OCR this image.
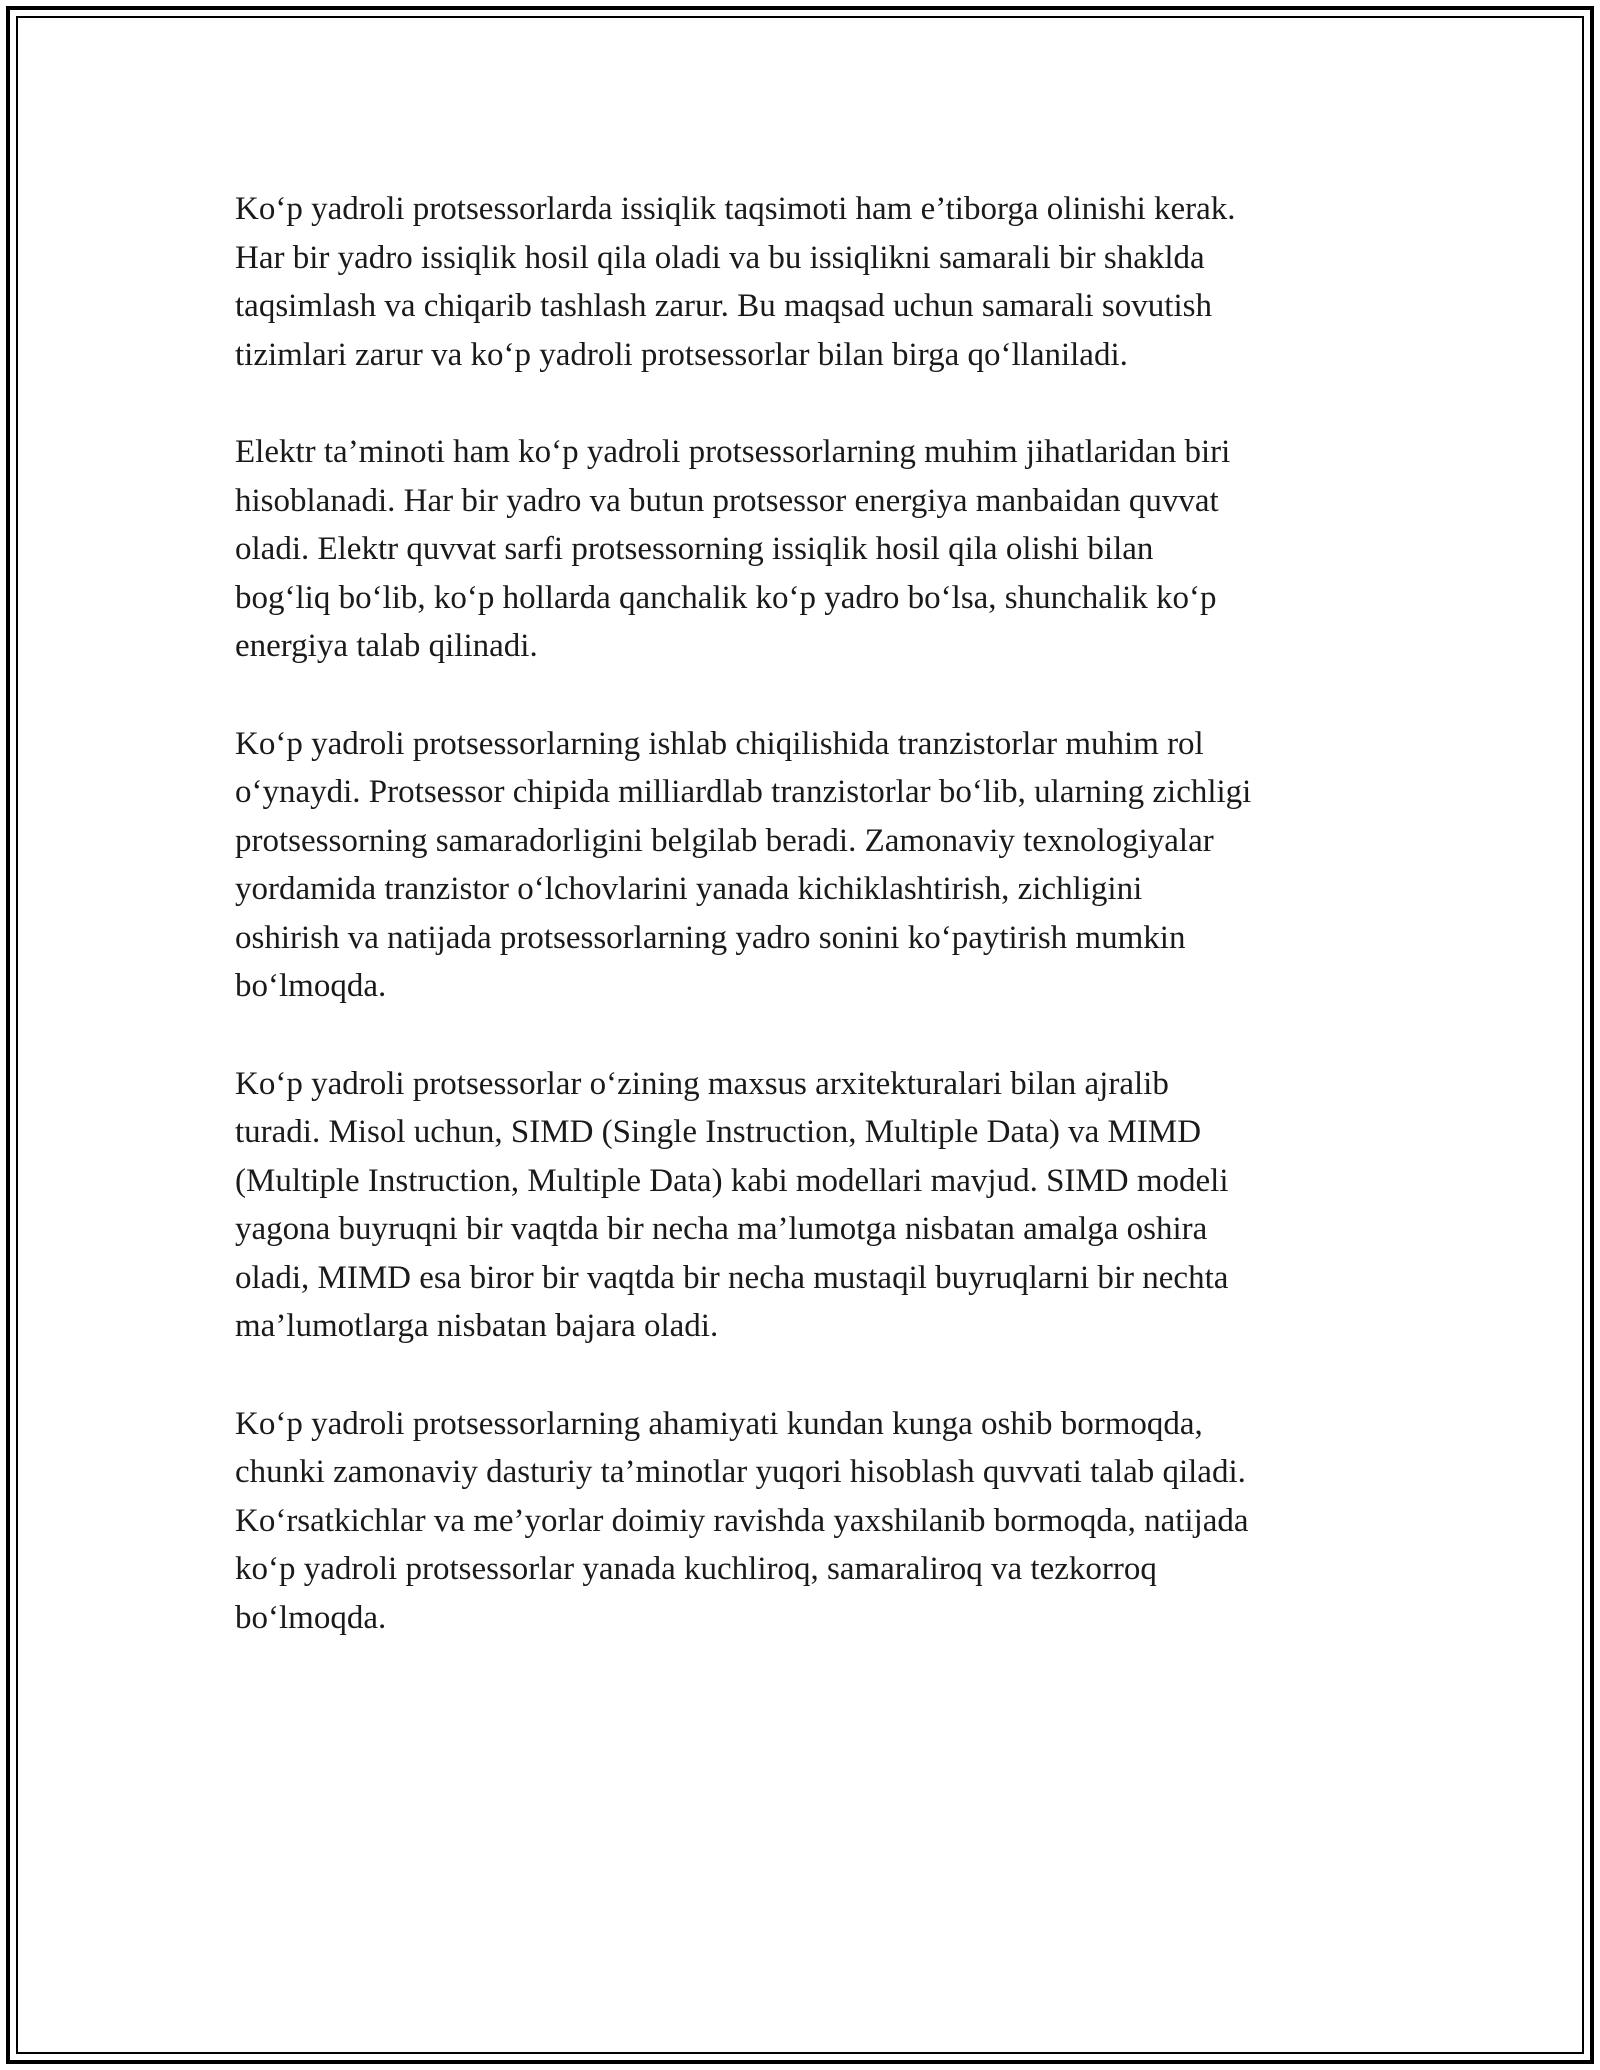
Ko‘p yadroli protsessorlarda issiqlik taqsimoti ham e’tiborga olinishi kerak.
Har bir yadro issiqlik hosil qila oladi va bu issiqlikni samarali bir shaklda
taqsimlash va chiqarib tashlash zarur. Bu maqsad uchun samarali sovutish
tizimlari zarur va ko‘p yadroli protsessorlar bilan birga qo‘llaniladi.

Elektr ta’minoti ham ko‘p yadroli protsessorlarning muhim jihatlaridan biri
hisoblanadi. Har bir yadro va butun protsessor energiya manbaidan quvvat
oladi. Elektr quvvat sarfi protsessorning issiqlik hosil qila olishi bilan
bog‘liq bo‘lib, ko‘p hollarda qanchalik ko‘p yadro bo‘lsa, shunchalik ko‘p
energiya talab qilinadi.

Ko‘p yadroli protsessorlarning ishlab chiqilishida tranzistorlar muhim rol
o‘ynaydi. Protsessor chipida milliardlab tranzistorlar bo‘lib, ularning zichligi
protsessorning samaradorligini belgilab beradi. Zamonaviy texnologiyalar
yordamida tranzistor o‘lchovlarini yanada kichiklashtirish, zichligini
oshirish va natijada protsessorlarning yadro sonini ko‘paytirish mumkin
bo‘lmoqda.

Ko‘p yadroli protsessorlar o‘zining maxsus arxitekturalari bilan ajralib
turadi. Misol uchun, SIMD (Single Instruction, Multiple Data) va MIMD
(Multiple Instruction, Multiple Data) kabi modellari mavjud. SIMD modeli
yagona buyruqni bir vaqtda bir necha ma’lumotga nisbatan amalga oshira
oladi, MIMD esa biror bir vaqtda bir necha mustaqil buyruqlarni bir nechta
ma’lumotlarga nisbatan bajara oladi.

Ko‘p yadroli protsessorlarning ahamiyati kundan kunga oshib bormoqda,
chunki zamonaviy dasturiy ta’minotlar yuqori hisoblash quvvati talab qiladi.
Ko‘rsatkichlar va me’yorlar doimiy ravishda yaxshilanib bormoqda, natijada
ko‘p yadroli protsessorlar yanada kuchliroq, samaraliroq va tezkorroq
bo‘lmoqda.
